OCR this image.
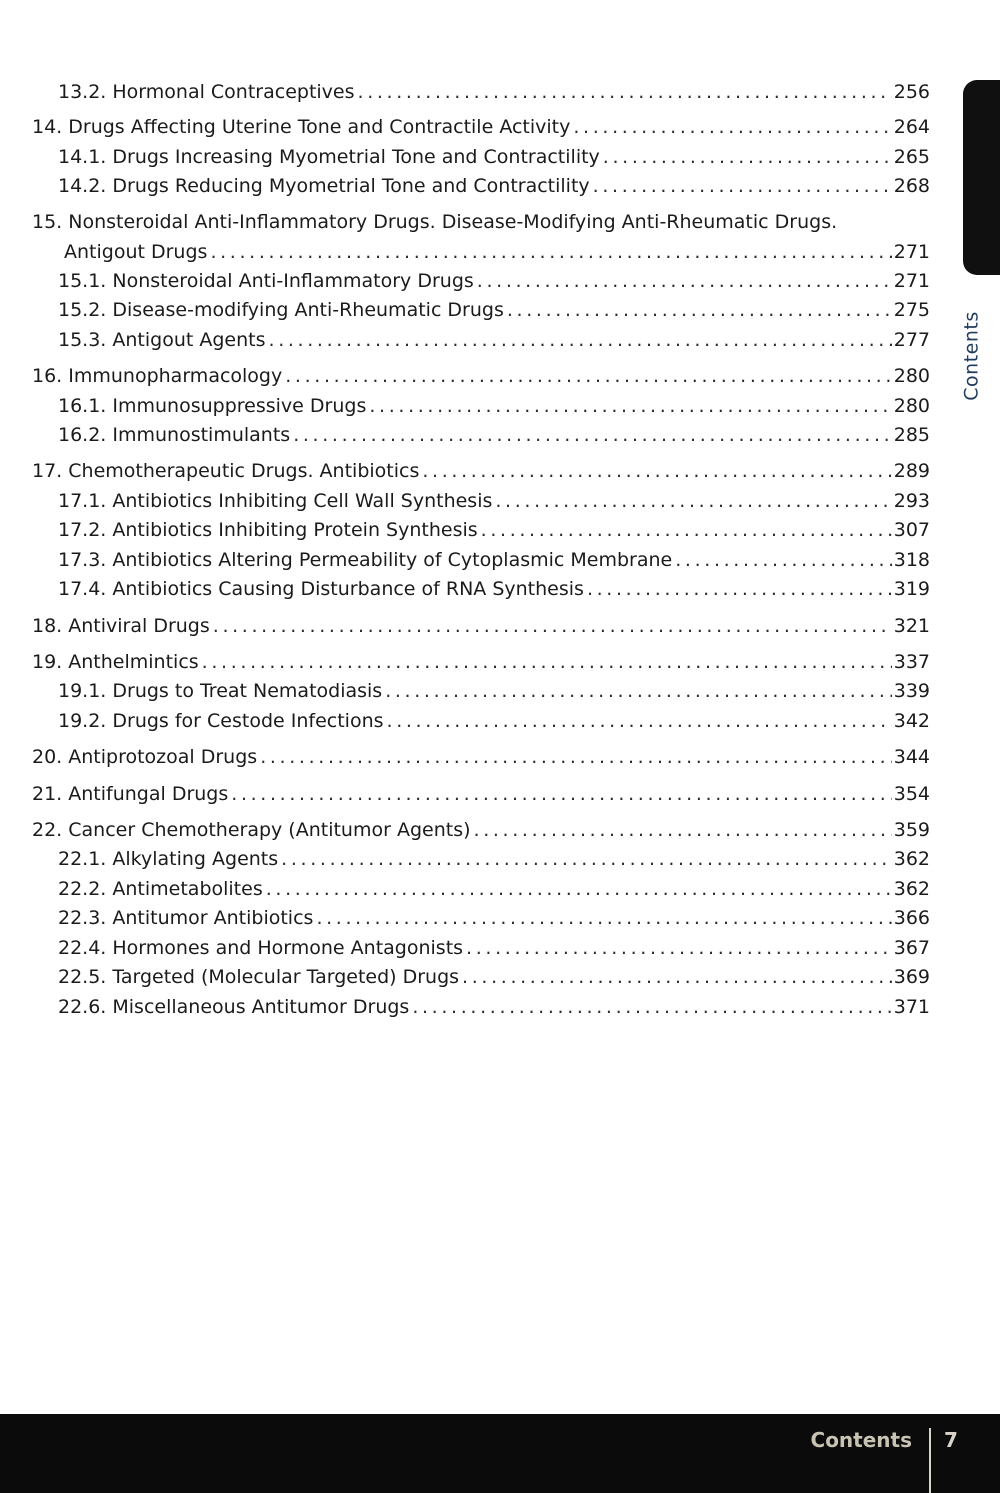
Contents
13.2. Hormonal Contraceptives . . .	256
14. Drugs Affecting Uterine Tone and Contractile Activity . . .	264
14.1. Drugs Increasing Myometrial Tone and Contractility . . .	265
14.2. Drugs Reducing Myometrial Tone and Contractility . . .	268
15. Nonsteroidal Anti-Inflammatory Drugs. Disease-Modifying Anti-Rheumatic Drugs.
Antigout Drugs . . .	271
15.1. Nonsteroidal Anti-Inflammatory Drugs . . .	271
15.2. Disease-modifying Anti-Rheumatic Drugs . . .	275
15.3. Antigout Agents . . .	277
16. Immunopharmacology . . .	280
16.1. Immunosuppressive Drugs . . .	280
16.2. Immunostimulants . . .	285
17. Chemotherapeutic Drugs. Antibiotics . . .	289
17.1. Antibiotics Inhibiting Cell Wall Synthesis . . .	293
17.2. Antibiotics Inhibiting Protein Synthesis . . .	307
17.3. Antibiotics Altering Permeability of Cytoplasmic Membrane . . .	318
17.4. Antibiotics Causing Disturbance of RNA Synthesis . . .	319
18. Antiviral Drugs . . .	321
19. Anthelmintics . . .	337
19.1. Drugs to Treat Nematodiasis . . .	339
19.2. Drugs for Cestode Infections . . .	342
20. Antiprotozoal Drugs . . .	344
21. Antifungal Drugs . . .	354
22. Cancer Chemotherapy (Antitumor Agents) . . .	359
22.1. Alkylating Agents . . .	362
22.2. Antimetabolites . . .	362
22.3. Antitumor Antibiotics . . .	366
22.4. Hormones and Hormone Antagonists . . .	367
22.5. Targeted (Molecular Targeted) Drugs . . .	369
22.6. Miscellaneous Antitumor Drugs . . .	371
Contents 7
